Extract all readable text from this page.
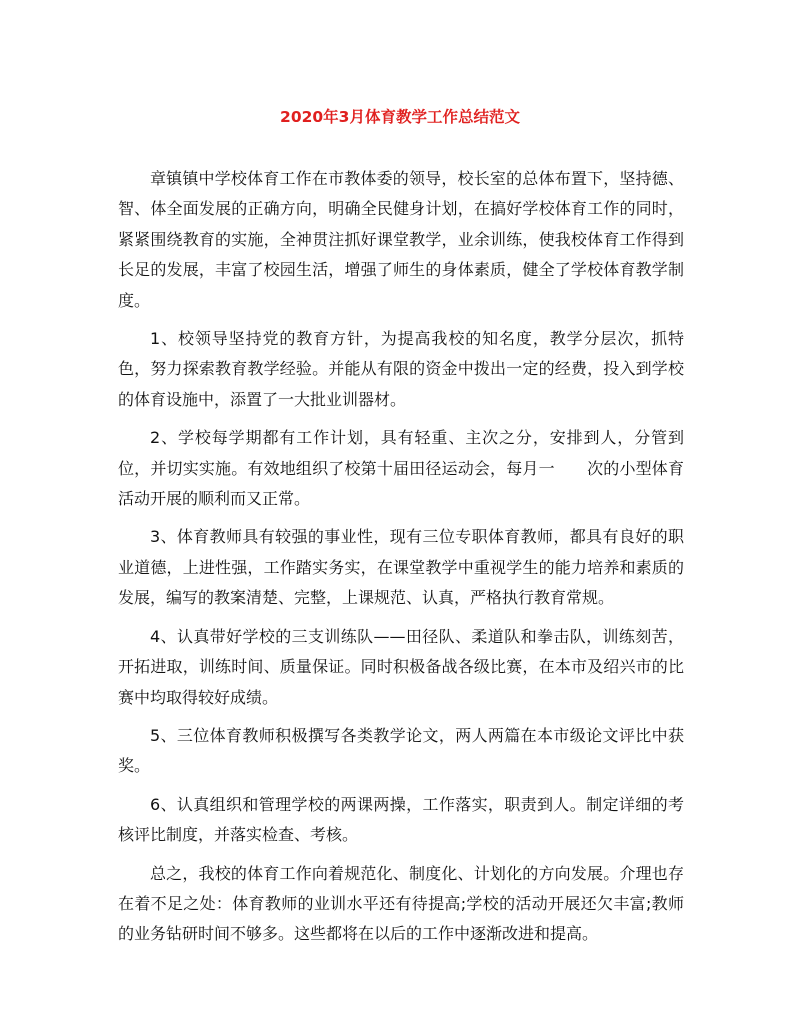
2020年3月体育教学工作总结范文

章镇镇中学校体育工作在市教体委的领导，校长室的总体布置下，坚持德、智、体全面发展的正确方向，明确全民健身计划，在搞好学校体育工作的同时，紧紧围绕教育的实施，全神贯注抓好课堂教学，业余训练，使我校体育工作得到长足的发展，丰富了校园生活，增强了师生的身体素质，健全了学校体育教学制度。

1、校领导坚持党的教育方针，为提高我校的知名度，教学分层次，抓特色，努力探索教育教学经验。并能从有限的资金中拨出一定的经费，投入到学校的体育设施中，添置了一大批业训器材。

2、学校每学期都有工作计划，具有轻重、主次之分，安排到人，分管到位，并切实实施。有效地组织了校第十届田径运动会，每月一　　次的小型体育活动开展的顺利而又正常。

3、体育教师具有较强的事业性，现有三位专职体育教师，都具有良好的职业道德，上进性强，工作踏实务实，在课堂教学中重视学生的能力培养和素质的发展，编写的教案清楚、完整，上课规范、认真，严格执行教育常规。

4、认真带好学校的三支训练队——田径队、柔道队和拳击队，训练刻苦，开拓进取，训练时间、质量保证。同时积极备战各级比赛，在本市及绍兴市的比赛中均取得较好成绩。

5、三位体育教师积极撰写各类教学论文，两人两篇在本市级论文评比中获奖。

6、认真组织和管理学校的两课两操，工作落实，职责到人。制定详细的考核评比制度，并落实检查、考核。

总之，我校的体育工作向着规范化、制度化、计划化的方向发展。介理也存在着不足之处：体育教师的业训水平还有待提高;学校的活动开展还欠丰富;教师的业务钻研时间不够多。这些都将在以后的工作中逐渐改进和提高。
